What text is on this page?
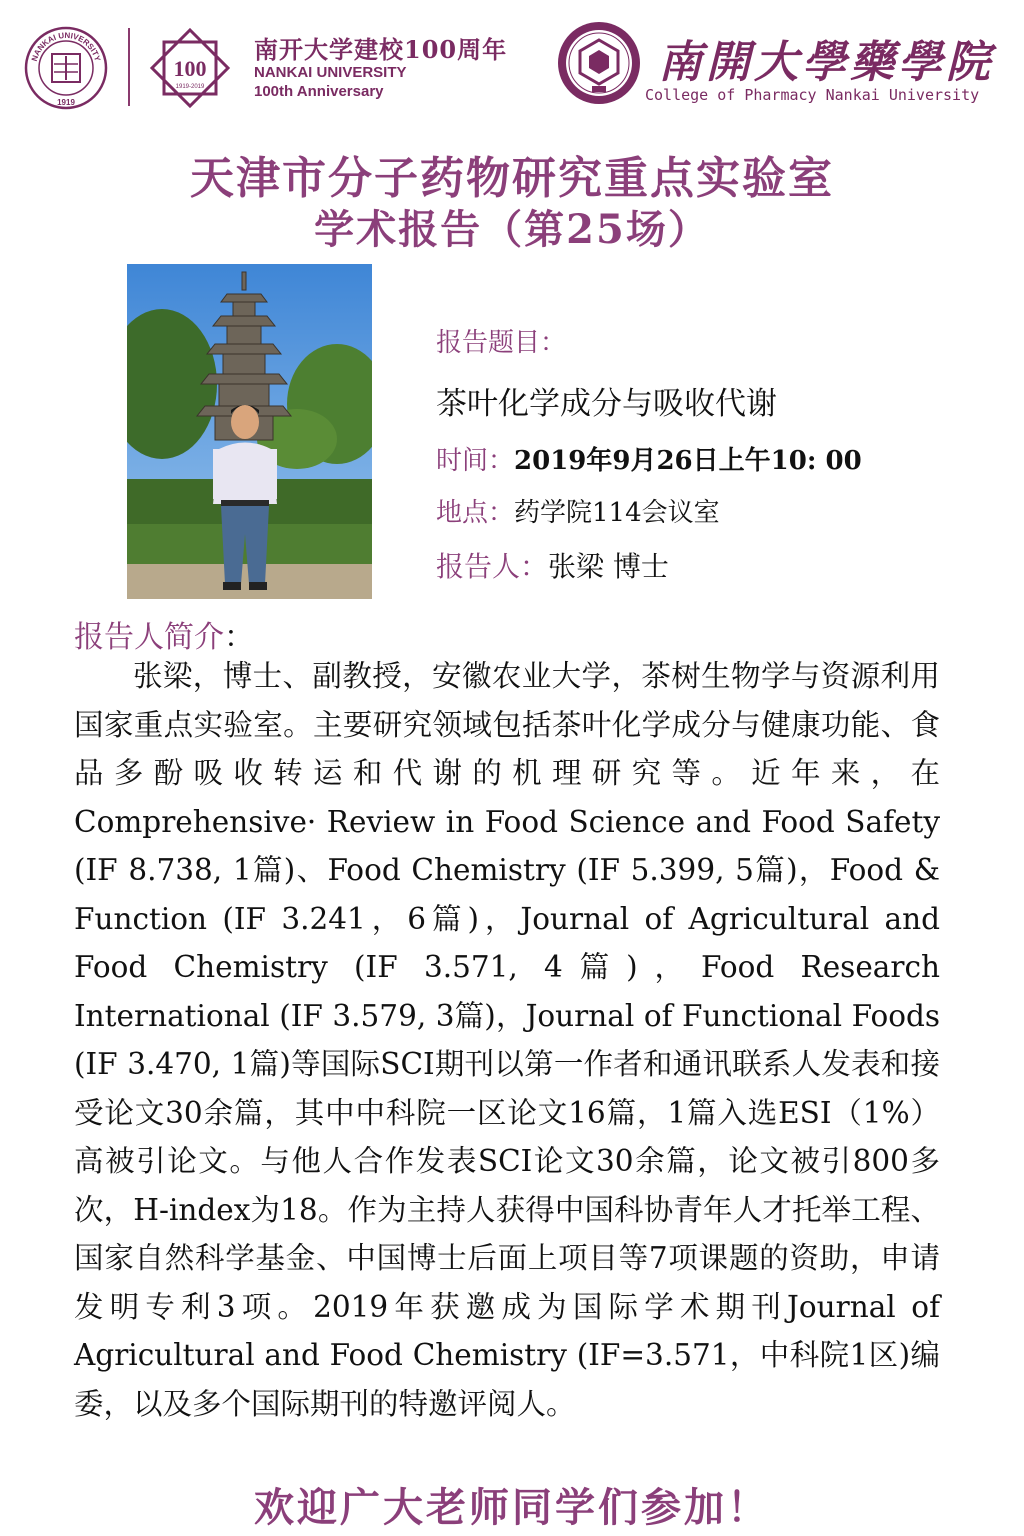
NANKAI UNIVERSITY
1919
100
1919-2019
南开大学建校100周年
NANKAI UNIVERSITY
100th Anniversary
南開大學藥學院
College of Pharmacy Nankai University
天津市分子药物研究重点实验室
学术报告（第25场）
报告题目：
茶叶化学成分与吸收代谢
时间：2019年9月26日上午10: 00
地点：药学院114会议室
报告人：张梁 博士
报告人简介：
张梁，博士、副教授，安徽农业大学，茶树生物学与资源利用国家重点实验室。主要研究领域包括茶叶化学成分与健康功能、食品多酚吸收转运和代谢的机理研究等。近年来，在Comprehensive· Review in Food Science and Food Safety (IF 8.738, 1篇)、Food Chemistry (IF 5.399, 5篇)，Food & Function (IF 3.241，6篇)，Journal of Agricultural and Food Chemistry (IF 3.571, 4篇)，Food Research International (IF 3.579, 3篇)，Journal of Functional Foods (IF 3.470, 1篇)等国际SCI期刊以第一作者和通讯联系人发表和接受论文30余篇，其中中科院一区论文16篇，1篇入选ESI（1%）高被引论文。与他人合作发表SCI论文30余篇，论文被引800多次，H-index为18。作为主持人获得中国科协青年人才托举工程、国家自然科学基金、中国博士后面上项目等7项课题的资助，申请发明专利3项。2019年获邀成为国际学术期刊Journal of Agricultural and Food Chemistry (IF=3.571，中科院1区)编委，以及多个国际期刊的特邀评阅人。
欢迎广大老师同学们参加！
